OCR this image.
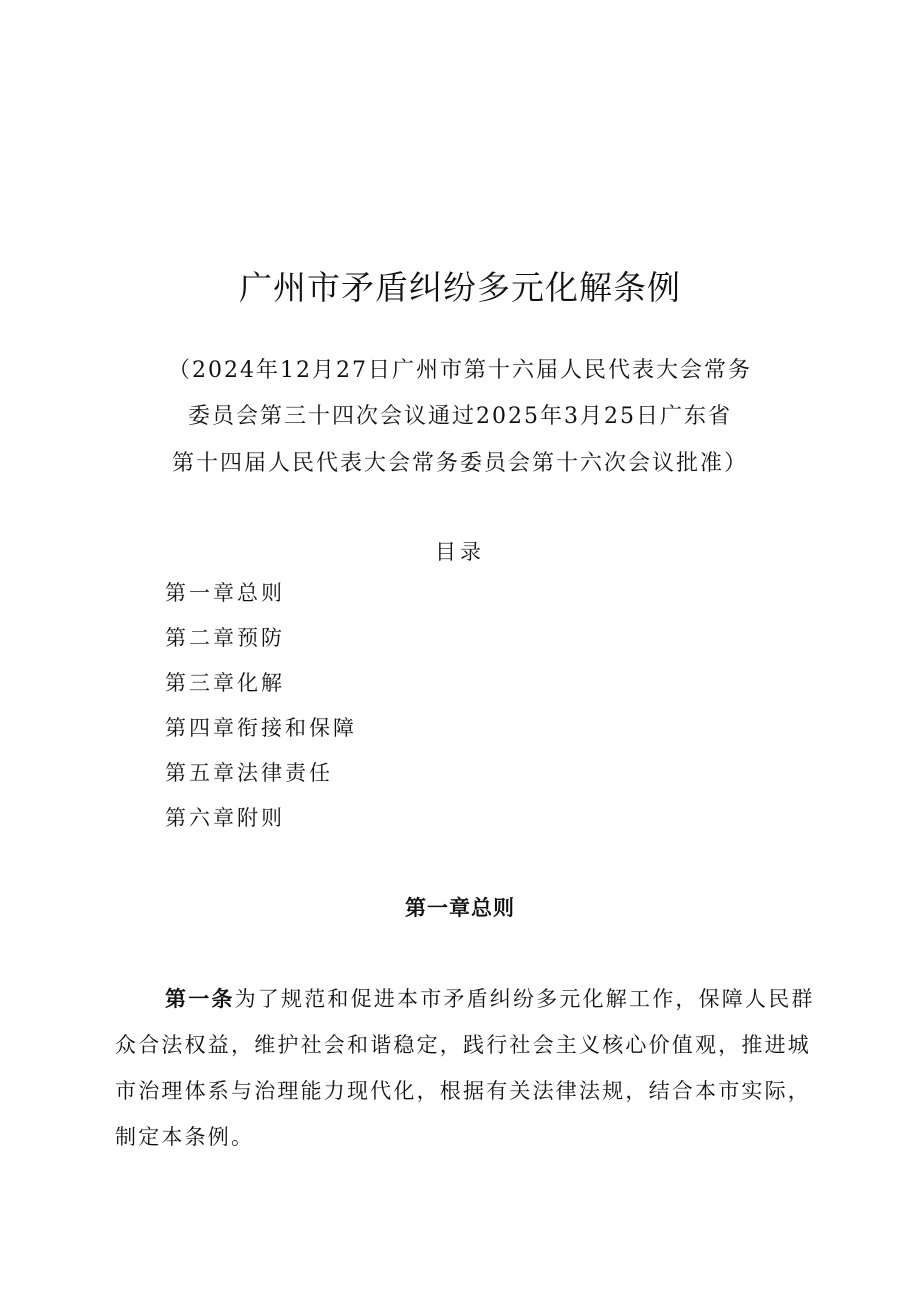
广州市矛盾纠纷多元化解条例
（2024年12月27日广州市第十六届人民代表大会常务
委员会第三十四次会议通过2025年3月25日广东省
第十四届人民代表大会常务委员会第十六次会议批准）
目录
第一章总则
第二章预防
第三章化解
第四章衔接和保障
第五章法律责任
第六章附则
第一章总则

第一条为了规范和促进本市矛盾纠纷多元化解工作，保障人民群众合法权益，维护社会和谐稳定，践行社会主义核心价值观，推进城市治理体系与治理能力现代化，根据有关法律法规，结合本市实际，制定本条例。
